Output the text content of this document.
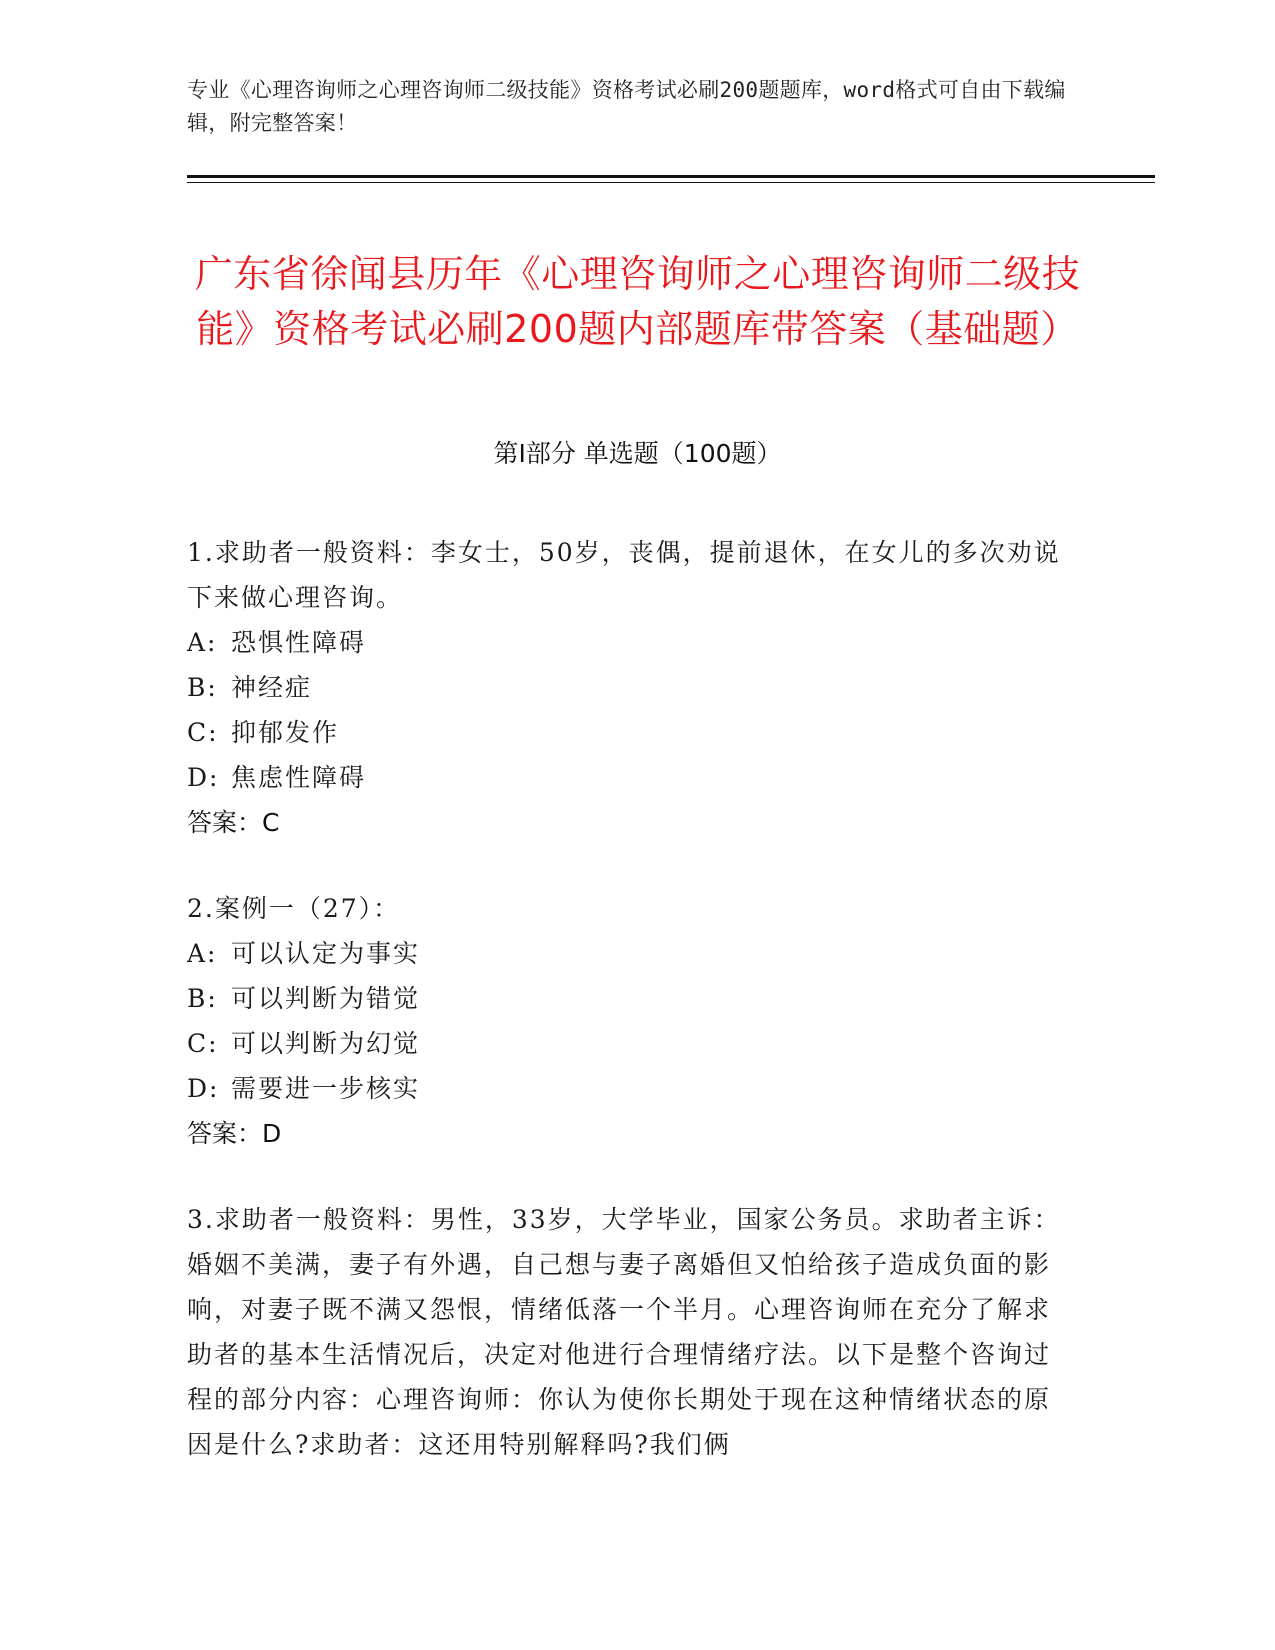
专业《心理咨询师之心理咨询师二级技能》资格考试必刷200题题库，word格式可自由下载编辑，附完整答案！
广东省徐闻县历年《心理咨询师之心理咨询师二级技能》资格考试必刷200题内部题库带答案（基础题）
第Ⅰ部分 单选题（100题）
1.求助者一般资料：李女士，50岁，丧偶，提前退休，在女儿的多次劝说下来做心理咨询。
A: 恐惧性障碍
B: 神经症
C: 抑郁发作
D: 焦虑性障碍
答案：C
2.案例一（27）：
A: 可以认定为事实
B: 可以判断为错觉
C: 可以判断为幻觉
D: 需要进一步核实
答案：D
3.求助者一般资料：男性，33岁，大学毕业，国家公务员。求助者主诉：婚姻不美满，妻子有外遇，自己想与妻子离婚但又怕给孩子造成负面的影响，对妻子既不满又怨恨，情绪低落一个半月。心理咨询师在充分了解求助者的基本生活情况后，决定对他进行合理情绪疗法。以下是整个咨询过程的部分内容：心理咨询师：你认为使你长期处于现在这种情绪状态的原因是什么?求助者：这还用特别解释吗?我们俩
